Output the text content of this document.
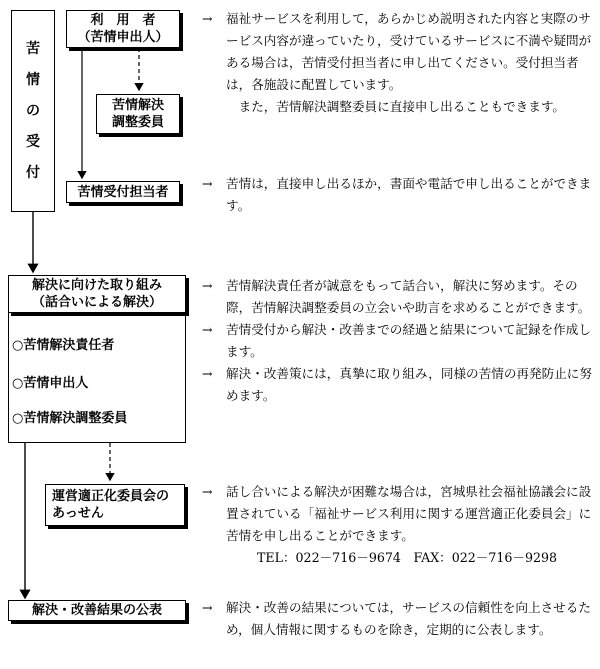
苦
情
の
受
付
利　用　者
（苦情申出人）
苦情解決
調整委員
苦情受付担当者
解決に向けた取り組み
（話合いによる解決）
○苦情解決責任者
○苦情申出人
○苦情解決調整委員
運営適正化委員会の
あっせん
解決・改善結果の公表
→	福祉サービスを利用して，あらかじめ説明された内容と実際のサービス内容が違っていたり，受けているサービスに不満や疑問がある場合は，苦情受付担当者に申し出てください。受付担当者は，各施設に配置しています。

また，苦情解決調整委員に直接申し出ることもできます。

→	苦情は，直接申し出るほか，書面や電話で申し出ることができます。

→	苦情解決責任者が誠意をもって話合い，解決に努めます。その際，苦情解決調整委員の立会いや助言を求めることができます。

→	苦情受付から解決・改善までの経過と結果について記録を作成します。

→	解決・改善策には，真摯に取り組み，同様の苦情の再発防止に努めます。

→	話し合いによる解決が困難な場合は，宮城県社会福祉協議会に設置されている「福祉サービス利用に関する運営適正化委員会」に苦情を申し出ることができます。

TEL：022－716－9674　FAX：022－716－9298

→	解決・改善の結果については，サービスの信頼性を向上させるため，個人情報に関するものを除き，定期的に公表します。
